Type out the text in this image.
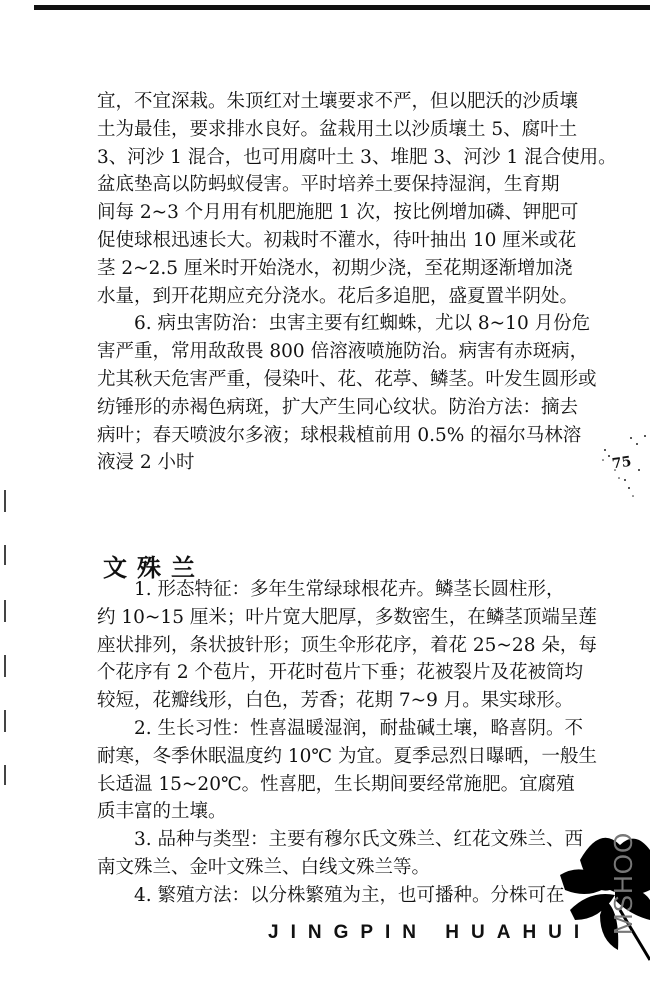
宜，不宜深栽。朱顶红对土壤要求不严，但以肥沃的沙质壤
土为最佳，要求排水良好。盆栽用土以沙质壤土 5、腐叶土
3、河沙 1 混合，也可用腐叶土 3、堆肥 3、河沙 1 混合使用。
盆底垫高以防蚂蚁侵害。平时培养土要保持湿润，生育期
间每 2~3 个月用有机肥施肥 1 次，按比例增加磷、钾肥可
促使球根迅速长大。初栽时不灌水，待叶抽出 10 厘米或花
茎 2~2.5 厘米时开始浇水，初期少浇，至花期逐渐增加浇
水量，到开花期应充分浇水。花后多追肥，盛夏置半阴处。
6. 病虫害防治：虫害主要有红蜘蛛，尤以 8~10 月份危
害严重，常用敌敌畏 800 倍溶液喷施防治。病害有赤斑病，
尤其秋天危害严重，侵染叶、花、花葶、鳞茎。叶发生圆形或
纺锤形的赤褐色病斑，扩大产生同心纹状。防治方法：摘去
病叶；春天喷波尔多液；球根栽植前用 0.5% 的福尔马林溶
液浸 2 小时
文殊兰
1. 形态特征：多年生常绿球根花卉。鳞茎长圆柱形，
约 10~15 厘米；叶片宽大肥厚，多数密生，在鳞茎顶端呈莲
座状排列，条状披针形；顶生伞形花序，着花 25~28 朵，每
个花序有 2 个苞片，开花时苞片下垂；花被裂片及花被筒均
较短，花瓣线形，白色，芳香；花期 7~9 月。果实球形。
2. 生长习性：性喜温暖湿润，耐盐碱土壤，略喜阴。不
耐寒，冬季休眠温度约 10℃ 为宜。夏季忌烈日曝晒，一般生
长适温 15~20℃。性喜肥，生长期间要经常施肥。宜腐殖
质丰富的土壤。
3. 品种与类型：主要有穆尔氏文殊兰、红花文殊兰、西
南文殊兰、金叶文殊兰、白线文殊兰等。
4. 繁殖方法：以分株繁殖为主，也可播种。分株可在
75
MSHOO
JINGPIN HUAHUI
